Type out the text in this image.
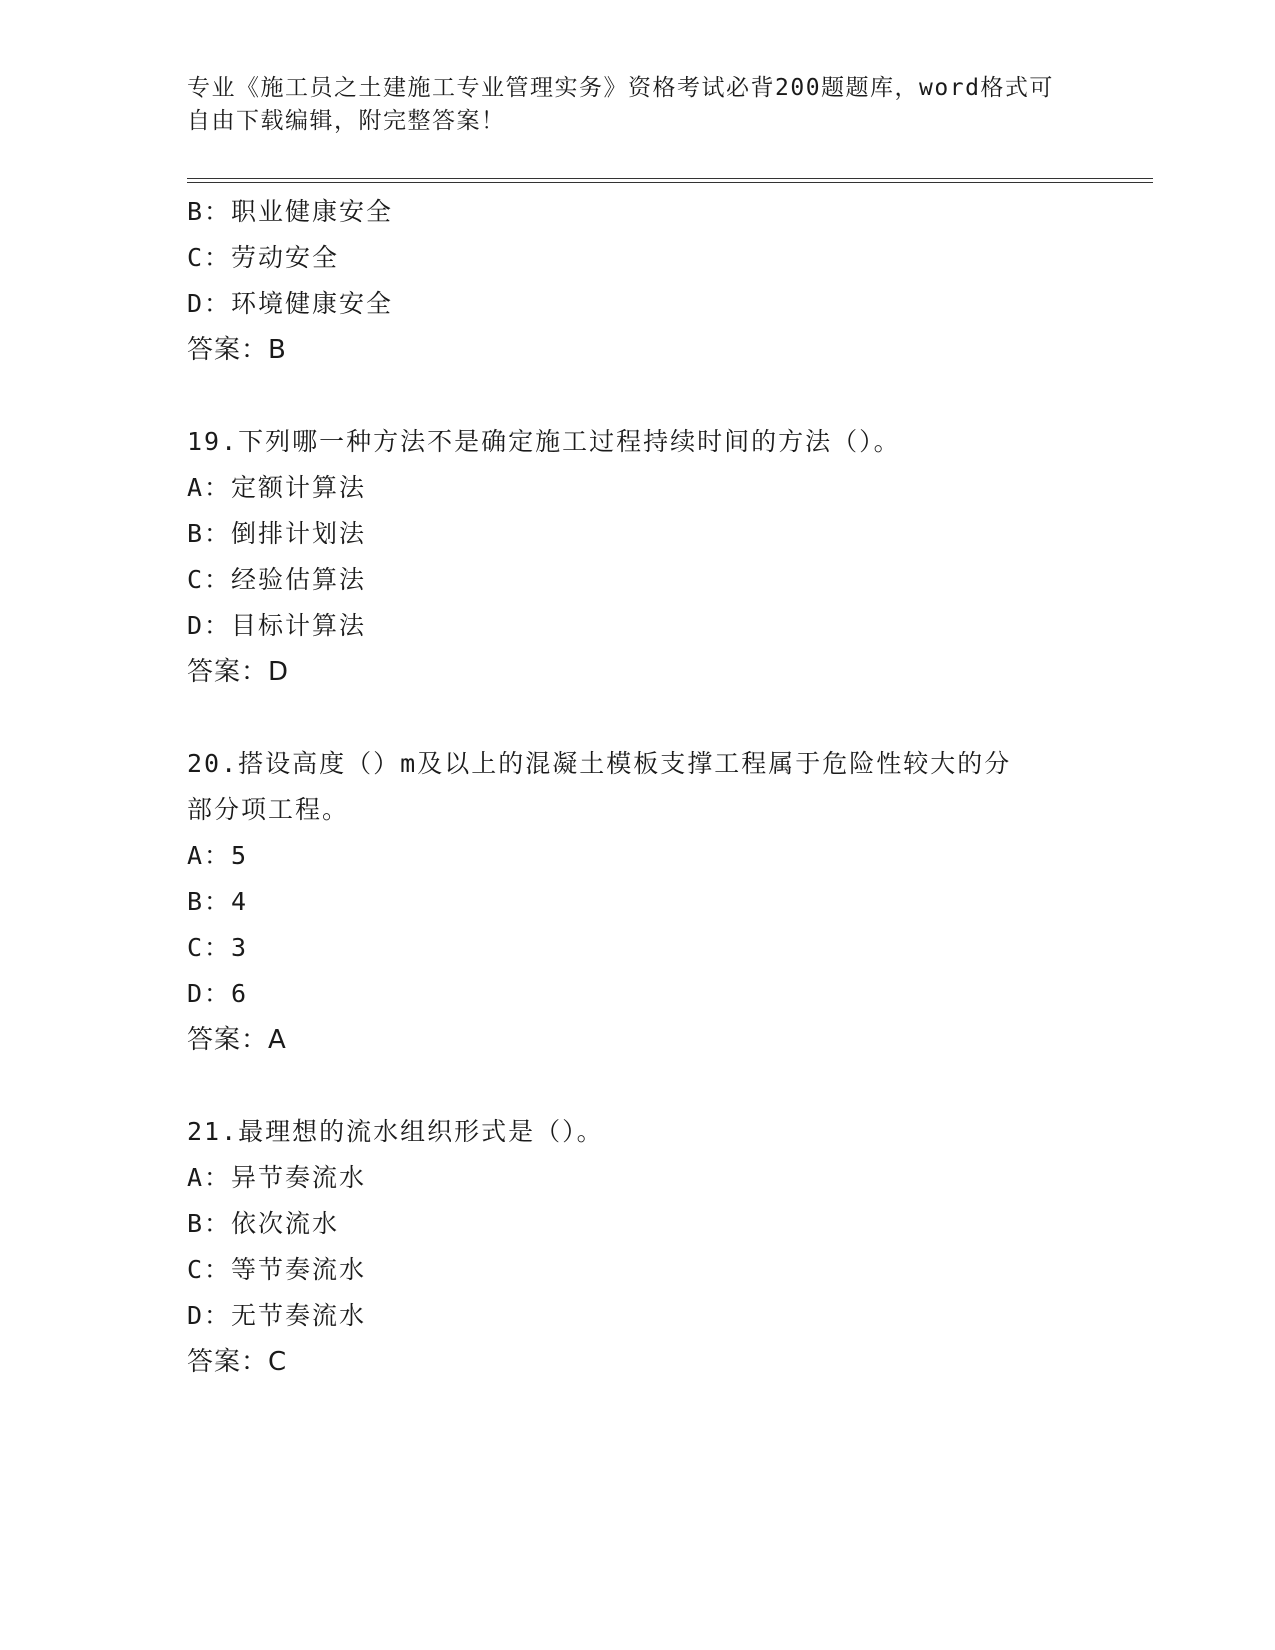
专业《施工员之土建施工专业管理实务》资格考试必背200题题库，word格式可
自由下载编辑，附完整答案！
B：职业健康安全
C：劳动安全
D：环境健康安全
答案：B
19.下列哪一种方法不是确定施工过程持续时间的方法（）。
A：定额计算法
B：倒排计划法
C：经验估算法
D：目标计算法
答案：D
20.搭设高度（）m及以上的混凝土模板支撑工程属于危险性较大的分
部分项工程。
A：5
B：4
C：3
D：6
答案：A
21.最理想的流水组织形式是（）。
A：异节奏流水
B：依次流水
C：等节奏流水
D：无节奏流水
答案：C
